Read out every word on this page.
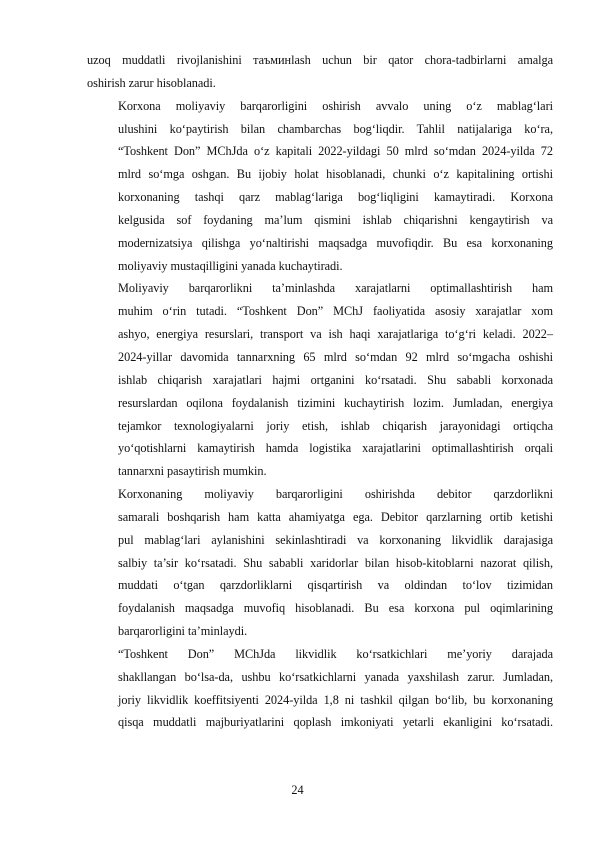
uzoq muddatli rivojlanishini таъминlash uchun bir qator chora-tadbirlarni amalga
oshirish zarur hisoblanadi.

Korxona moliyaviy barqarorligini oshirish avvalo uning o‘z mablag‘lari
ulushini ko‘paytirish bilan chambarchas bog‘liqdir. Tahlil natijalariga ko‘ra,
“Toshkent Don” MChJda o‘z kapitali 2022-yildagi 50 mlrd so‘mdan 2024-yilda 72
mlrd so‘mga oshgan. Bu ijobiy holat hisoblanadi, chunki o‘z kapitalining ortishi
korxonaning tashqi qarz mablag‘lariga bog‘liqligini kamaytiradi. Korxona
kelgusida sof foydaning ma’lum qismini ishlab chiqarishni kengaytirish va
modernizatsiya qilishga yo‘naltirishi maqsadga muvofiqdir. Bu esa korxonaning
moliyaviy mustaqilligini yanada kuchaytiradi.

Moliyaviy barqarorlikni ta’minlashda xarajatlarni optimallashtirish ham
muhim o‘rin tutadi. “Toshkent Don” MChJ faoliyatida asosiy xarajatlar xom
ashyo, energiya resurslari, transport va ish haqi xarajatlariga to‘g‘ri keladi. 2022–
2024-yillar davomida tannarxning 65 mlrd so‘mdan 92 mlrd so‘mgacha oshishi
ishlab chiqarish xarajatlari hajmi ortganini ko‘rsatadi. Shu sababli korxonada
resurslardan oqilona foydalanish tizimini kuchaytirish lozim. Jumladan, energiya
tejamkor texnologiyalarni joriy etish, ishlab chiqarish jarayonidagi ortiqcha
yo‘qotishlarni kamaytirish hamda logistika xarajatlarini optimallashtirish orqali
tannarxni pasaytirish mumkin.

Korxonaning moliyaviy barqarorligini oshirishda debitor qarzdorlikni
samarali boshqarish ham katta ahamiyatga ega. Debitor qarzlarning ortib ketishi
pul mablag‘lari aylanishini sekinlashtiradi va korxonaning likvidlik darajasiga
salbiy ta’sir ko‘rsatadi. Shu sababli xaridorlar bilan hisob-kitoblarni nazorat qilish,
muddati o‘tgan qarzdorliklarni qisqartirish va oldindan to‘lov tizimidan
foydalanish maqsadga muvofiq hisoblanadi. Bu esa korxona pul oqimlarining
barqarorligini ta’minlaydi.

“Toshkent Don” MChJda likvidlik ko‘rsatkichlari me’yoriy darajada
shakllangan bo‘lsa-da, ushbu ko‘rsatkichlarni yanada yaxshilash zarur. Jumladan,
joriy likvidlik koeffitsiyenti 2024-yilda 1,8 ni tashkil qilgan bo‘lib, bu korxonaning
qisqa muddatli majburiyatlarini qoplash imkoniyati yetarli ekanligini ko‘rsatadi.

24
